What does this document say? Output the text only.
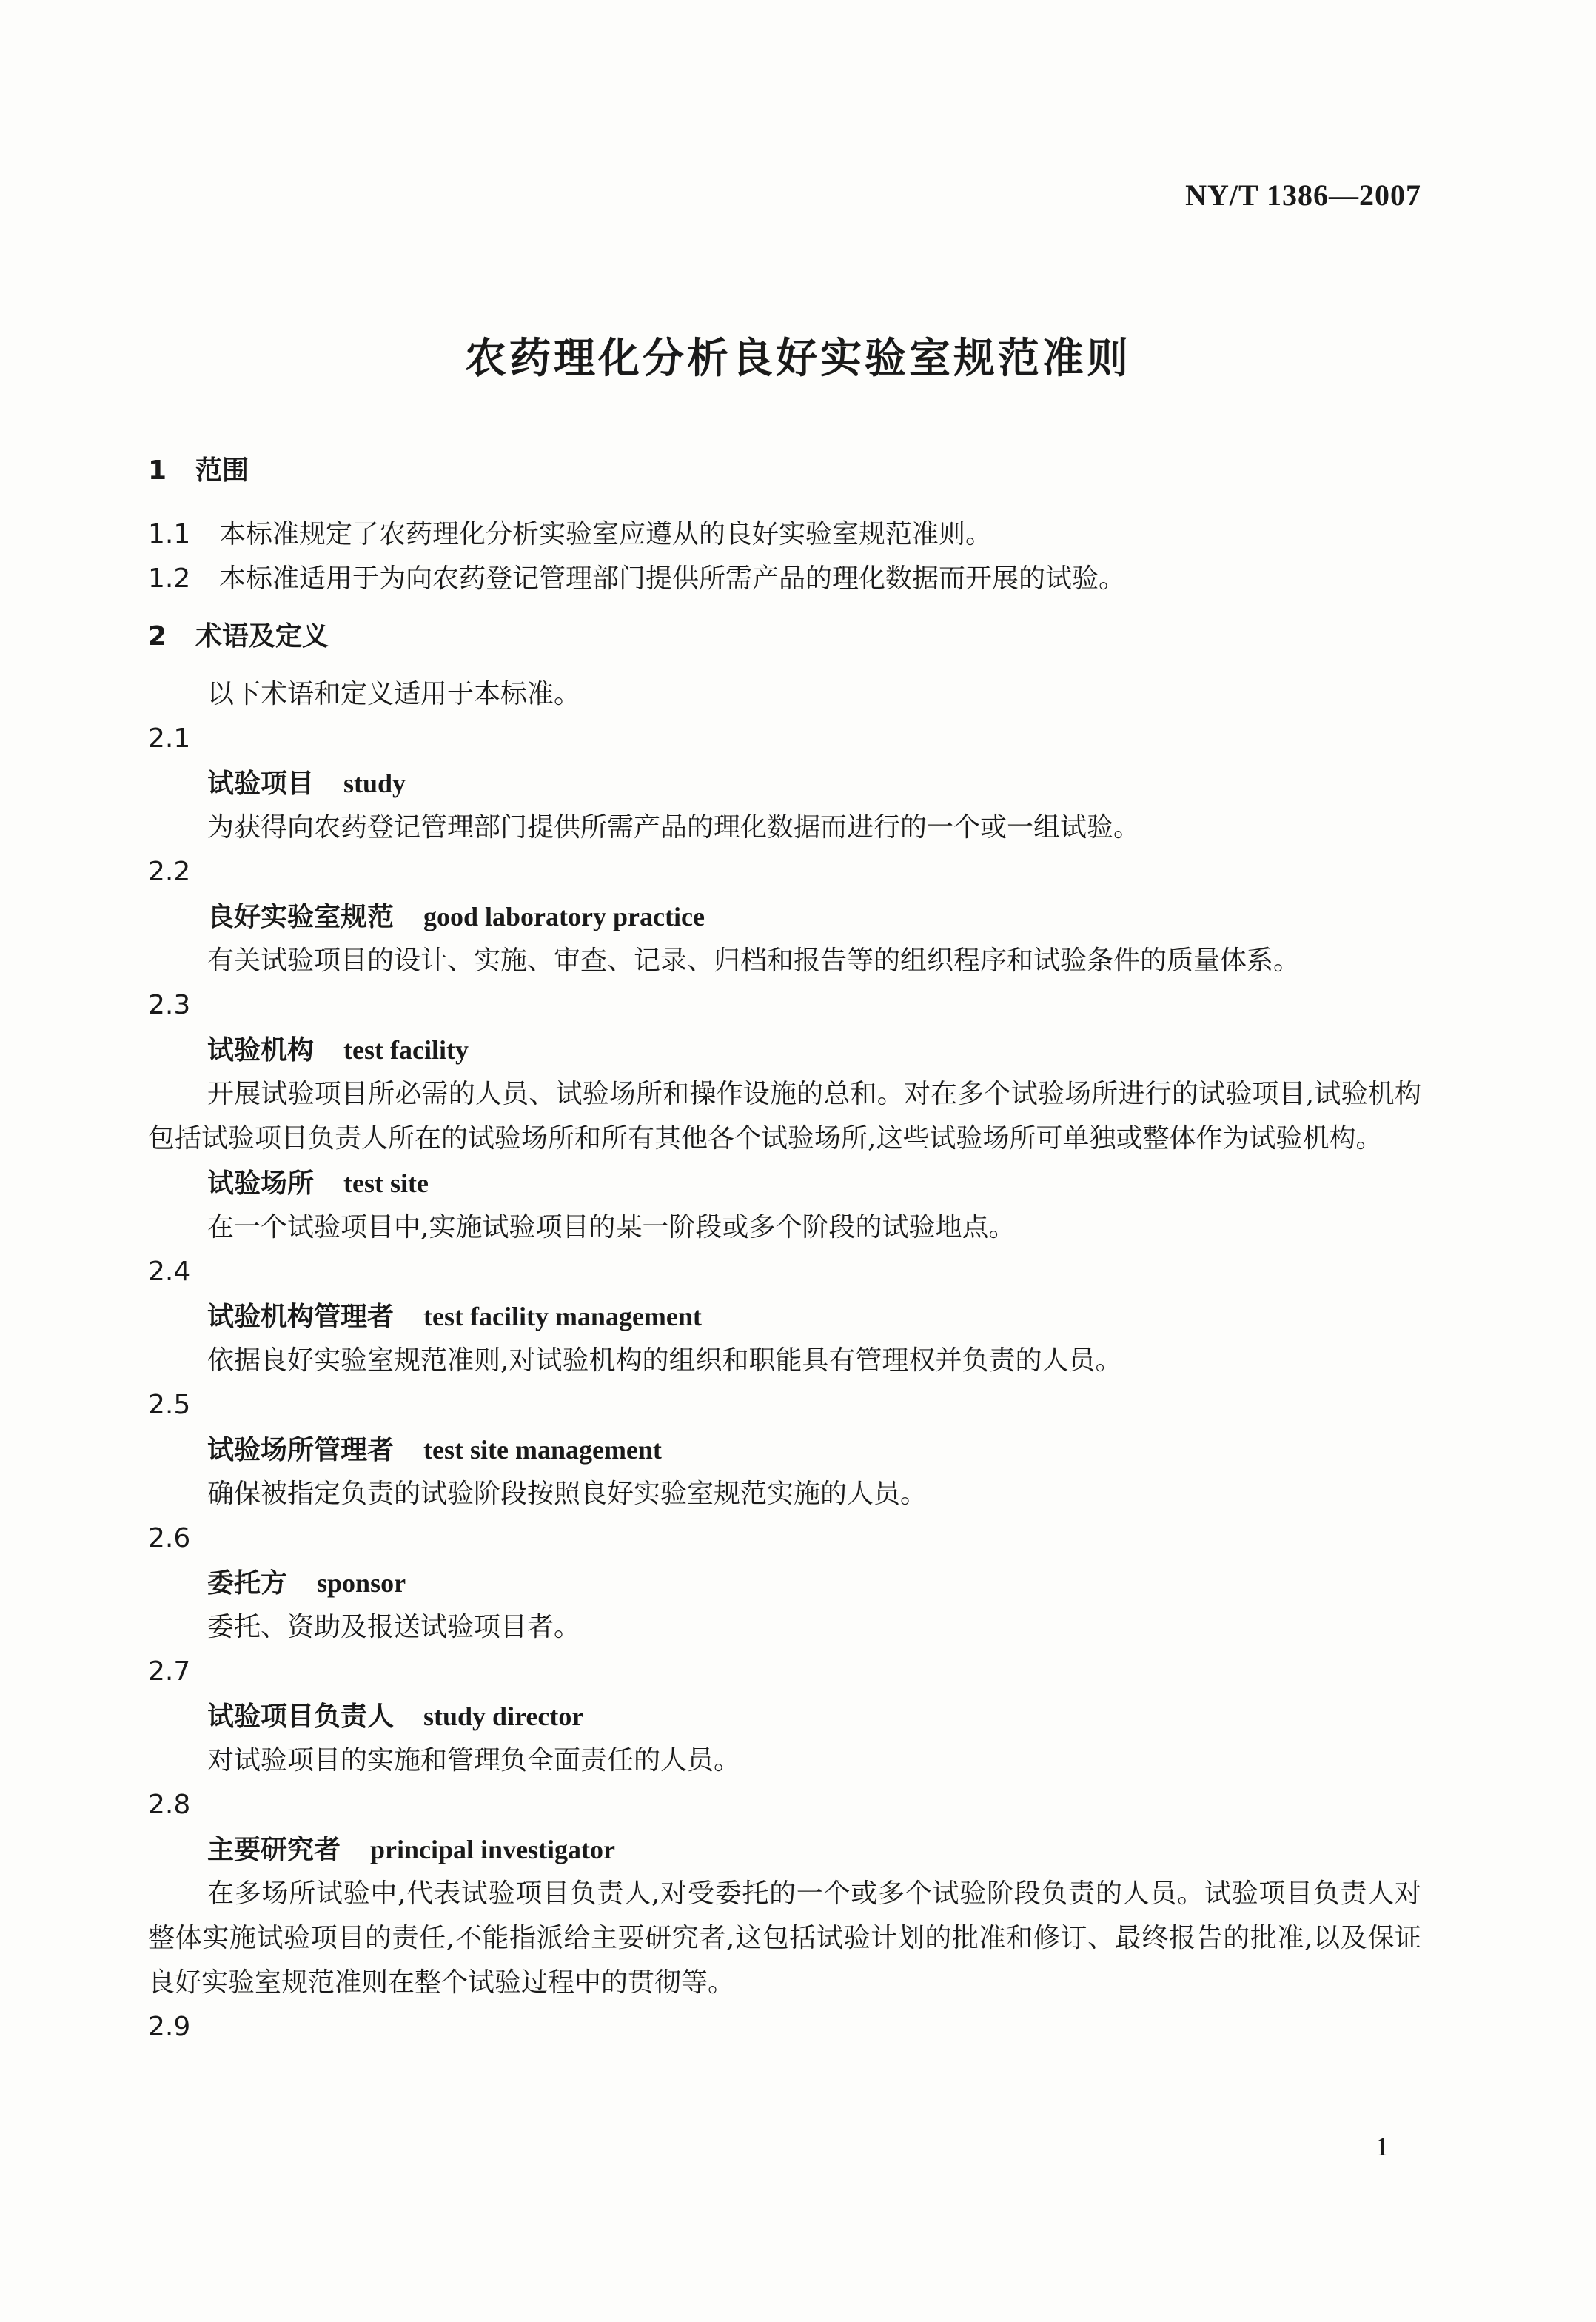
NY/T 1386—2007
农药理化分析良好实验室规范准则
1 范围
1.1 本标准规定了农药理化分析实验室应遵从的良好实验室规范准则。
1.2 本标准适用于为向农药登记管理部门提供所需产品的理化数据而开展的试验。
2 术语及定义
以下术语和定义适用于本标准。
2.1
试验项目 study
为获得向农药登记管理部门提供所需产品的理化数据而进行的一个或一组试验。
2.2
良好实验室规范 good laboratory practice
有关试验项目的设计、实施、审查、记录、归档和报告等的组织程序和试验条件的质量体系。
2.3
试验机构 test facility
开展试验项目所必需的人员、试验场所和操作设施的总和。对在多个试验场所进行的试验项目,试验机构包括试验项目负责人所在的试验场所和所有其他各个试验场所,这些试验场所可单独或整体作为试验机构。
试验场所 test site
在一个试验项目中,实施试验项目的某一阶段或多个阶段的试验地点。
2.4
试验机构管理者 test facility management
依据良好实验室规范准则,对试验机构的组织和职能具有管理权并负责的人员。
2.5
试验场所管理者 test site management
确保被指定负责的试验阶段按照良好实验室规范实施的人员。
2.6
委托方 sponsor
委托、资助及报送试验项目者。
2.7
试验项目负责人 study director
对试验项目的实施和管理负全面责任的人员。
2.8
主要研究者 principal investigator
在多场所试验中,代表试验项目负责人,对受委托的一个或多个试验阶段负责的人员。试验项目负责人对整体实施试验项目的责任,不能指派给主要研究者,这包括试验计划的批准和修订、最终报告的批准,以及保证良好实验室规范准则在整个试验过程中的贯彻等。
2.9
1
